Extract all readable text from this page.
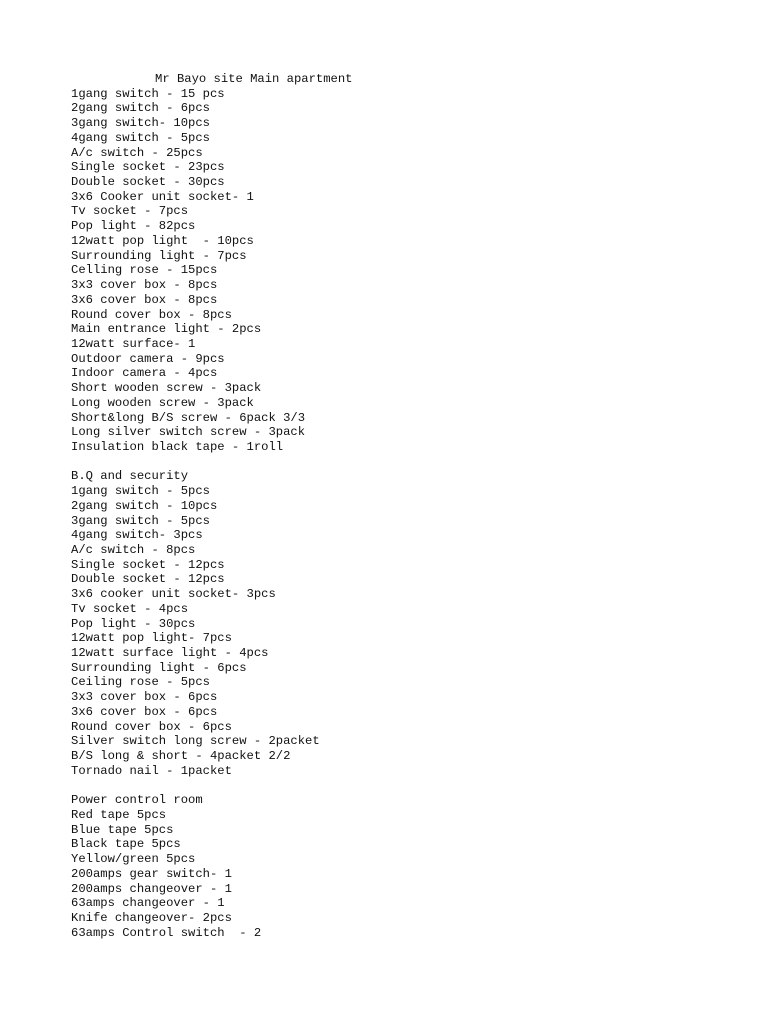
Mr Bayo site Main apartment
1gang switch - 15 pcs
2gang switch - 6pcs
3gang switch- 10pcs
4gang switch - 5pcs
A/c switch - 25pcs
Single socket - 23pcs
Double socket - 30pcs
3x6 Cooker unit socket- 1
Tv socket - 7pcs
Pop light - 82pcs
12watt pop light  - 10pcs
Surrounding light - 7pcs
Celling rose - 15pcs
3x3 cover box - 8pcs
3x6 cover box - 8pcs
Round cover box - 8pcs
Main entrance light - 2pcs
12watt surface- 1
Outdoor camera - 9pcs
Indoor camera - 4pcs
Short wooden screw - 3pack
Long wooden screw - 3pack
Short&long B/S screw - 6pack 3/3
Long silver switch screw - 3pack
Insulation black tape - 1roll
B.Q and security
1gang switch - 5pcs
2gang switch - 10pcs
3gang switch - 5pcs
4gang switch- 3pcs
A/c switch - 8pcs
Single socket - 12pcs
Double socket - 12pcs
3x6 cooker unit socket- 3pcs
Tv socket - 4pcs
Pop light - 30pcs
12watt pop light- 7pcs
12watt surface light - 4pcs
Surrounding light - 6pcs
Ceiling rose - 5pcs
3x3 cover box - 6pcs
3x6 cover box - 6pcs
Round cover box - 6pcs
Silver switch long screw - 2packet
B/S long & short - 4packet 2/2
Tornado nail - 1packet
Power control room
Red tape 5pcs
Blue tape 5pcs
Black tape 5pcs
Yellow/green 5pcs
200amps gear switch- 1
200amps changeover - 1
63amps changeover - 1
Knife changeover- 2pcs
63amps Control switch  - 2
